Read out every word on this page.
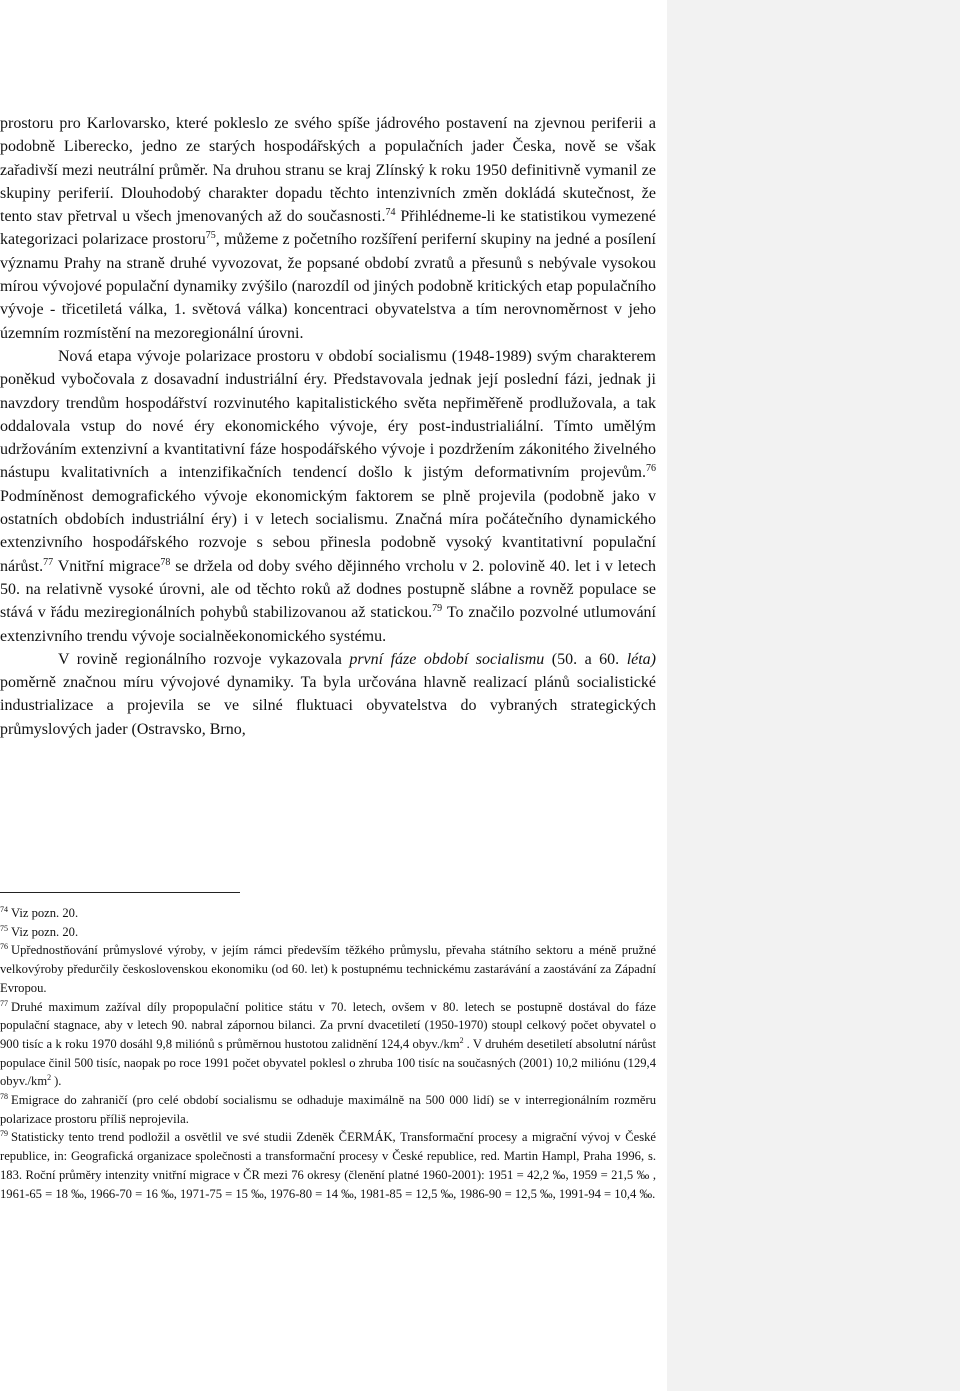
prostoru pro Karlovarsko, které pokleslo ze svého spíše jádrového postavení na zjevnou periferii a podobně Liberecko, jedno ze starých hospodářských a populačních jader Česka, nově se však zařadivší mezi neutrální průměr. Na druhou stranu se kraj Zlínský k roku 1950 definitivně vymanil ze skupiny periferií. Dlouhodobý charakter dopadu těchto intenzivních změn dokládá skutečnost, že tento stav přetrval u všech jmenovaných až do současnosti.$^{74}$ Přihlédneme-li ke statistikou vymezené kategorizaci polarizace prostoru$^{75}$, můžeme z početního rozšíření periferní skupiny na jedné a posílení významu Prahy na straně druhé vyvozovat, že popsané období zvratů a přesunů s nebývale vysokou mírou vývojové populační dynamiky zvýšilo (narozdíl od jiných podobně kritických etap populačního vývoje - třicetiletá válka, 1. světová válka) koncentraci obyvatelstva a tím nerovnoměrnost v jeho územním rozmístění na mezoregionální úrovni.

Nová etapa vývoje polarizace prostoru v období socialismu (1948-1989) svým charakterem poněkud vybočovala z dosavadní industriální éry. Představovala jednak její poslední fázi, jednak ji navzdory trendům hospodářství rozvinutého kapitalistického světa nepřiměřeně prodlužovala, a tak oddalovala vstup do nové éry ekonomického vývoje, éry post-industrialiální. Tímto umělým udržováním extenzivní a kvantitativní fáze hospodářského vývoje i pozdržením zákonitého živelného nástupu kvalitativních a intenzifikačních tendencí došlo k jistým deformativním projevům.$^{76}$ Podmíněnost demografického vývoje ekonomickým faktorem se plně projevila (podobně jako v ostatních obdobích industriální éry) i v letech socialismu. Značná míra počátečního dynamického extenzivního hospodářského rozvoje s sebou přinesla podobně vysoký kvantitativní populační nárůst.$^{77}$ Vnitřní migrace$^{78}$ se držela od doby svého dějinného vrcholu v 2. polovině 40. let i v letech 50. na relativně vysoké úrovni, ale od těchto roků až dodnes postupně slábne a rovněž populace se stává v řádu meziregionálních pohybů stabilizovanou až statickou.$^{79}$ To značilo pozvolné utlumování extenzivního trendu vývoje socialněekonomického systému.

V rovině regionálního rozvoje vykazovala první fáze období socialismu (50. a 60. léta) poměrně značnou míru vývojové dynamiky. Ta byla určována hlavně realizací plánů socialistické industrializace a projevila se ve silné fluktuaci obyvatelstva do vybraných strategických průmyslových jader (Ostravsko, Brno,

$^{74}$ Viz pozn. 20.

$^{75}$ Viz pozn. 20.

$^{76}$ Upřednostňování průmyslové výroby, v jejím rámci především těžkého průmyslu, převaha státního sektoru a méně pružné velkovýroby předurčily československou ekonomiku (od 60. let) k postupnému technickému zastarávání a zaostávání za Západní Evropou.

$^{77}$ Druhé maximum zažíval díly propopulační politice státu v 70. letech, ovšem v 80. letech se postupně dostával do fáze populační stagnace, aby v letech 90. nabral zápornou bilanci. Za první dvacetiletí (1950-1970) stoupl celkový počet obyvatel o 900 tisíc a k roku 1970 dosáhl 9,8 miliónů s průměrnou hustotou zalidnění 124,4 $obyv./km^2$ . V druhém desetiletí absolutní nárůst populace činil 500 tisíc, naopak po roce 1991 počet obyvatel poklesl o zhruba 100 tisíc na současných (2001) 10,2 miliónu (129,4 $obyv./km^2$ ).

$^{78}$ Emigrace do zahraničí (pro celé období socialismu se odhaduje maximálně na 500 000 lidí) se v interregionálním rozměru polarizace prostoru příliš neprojevila.

$^{79}$ Statisticky tento trend podložil a osvětlil ve své studii Zdeněk ČERMÁK, Transformační procesy a migrační vývoj v České republice, in: Geografická organizace společnosti a transformační procesy v České republice, red. Martin Hampl, Praha 1996, s. 183. Roční průměry intenzity vnitřní migrace v ČR mezi 76 okresy (členění platné 1960-2001): 1951 = 42,2 ‰, 1959 = 21,5 ‰ , 1961-65 = 18 ‰, 1966-70 = 16 ‰, 1971-75 = 15 ‰, 1976-80 = 14 ‰, 1981-85 = 12,5 ‰, 1986-90 = 12,5 ‰, 1991-94 = 10,4 ‰.
